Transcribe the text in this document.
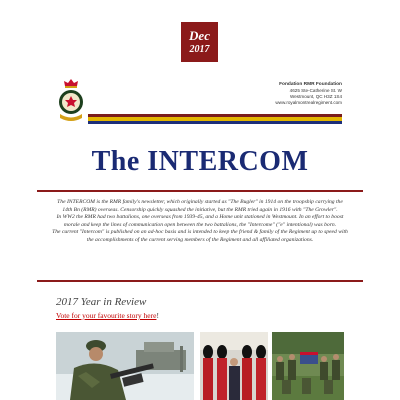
Dec
2017
Fondation RMR Foundation
4625 Ste-Catherine St. W
Westmount, QC H3Z 1S4
www.royalmontrealregiment.com
The INTERCOM

The INTERCOM is the RMR family's newsletter, which originally started as "The Bugler" in 1914 on the troopship carrying the 14th Bn (RMR) overseas. Censorship quickly squashed the initiative, but the RMR tried again in 1916 with "The Growler".

In WW2 the RMR had two battalions, one overseas from 1939-45, and a Home unit stationed in Westmount. In an effort to boost morale and keep the lines of communication open between the two battalions, the "Intercome" ("e" intentional) was born.

The current "Intercom" is published on an ad-hoc basis and is intended to keep the friend & family of the Regiment up to speed with the accomplishments of the current serving members of the Regiment and all affiliated organizations.

2017 Year in Review
Vote for your favourite story here!
